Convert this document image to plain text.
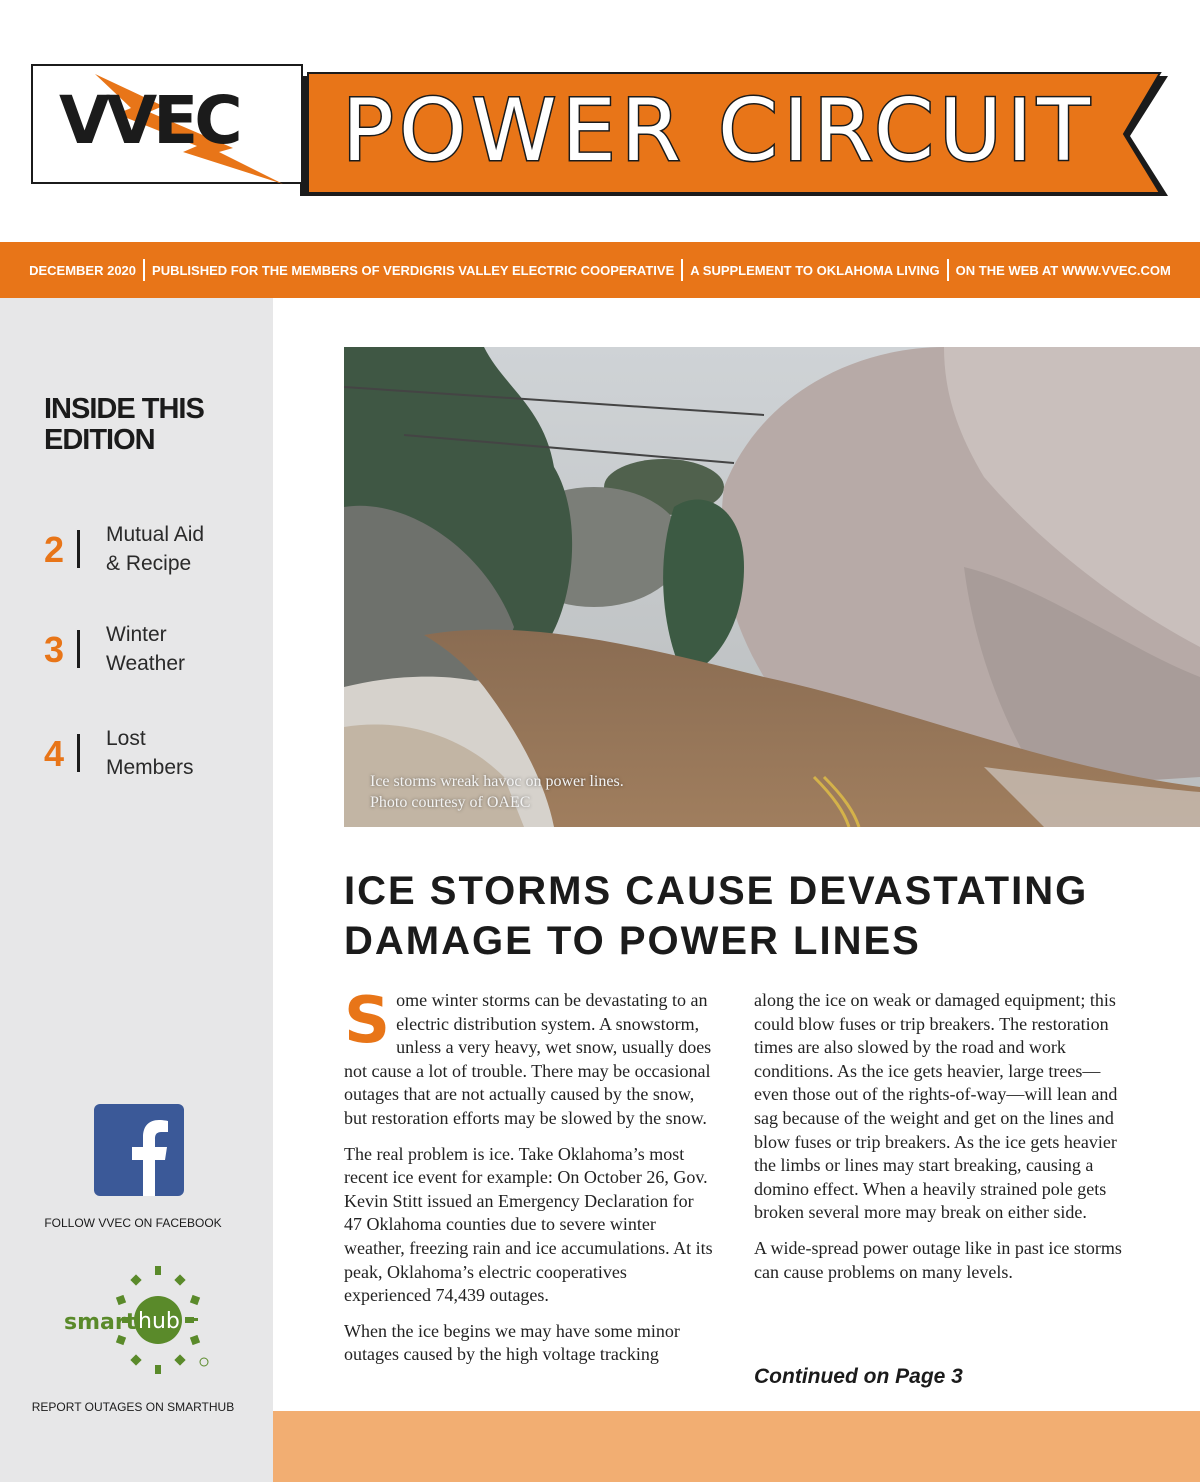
POWER CIRCUIT
VVEC
DECEMBER 2020	PUBLISHED FOR THE MEMBERS OF VERDIGRIS VALLEY ELECTRIC COOPERATIVE	A SUPPLEMENT TO OKLAHOMA LIVING	ON THE WEB AT WWW.VVEC.COM
INSIDE THIS EDITION
2 Mutual Aid
& Recipe
3 Winter
Weather
4 Lost
Members
FOLLOW VVEC ON FACEBOOK
smart hub
REPORT OUTAGES ON SMARTHUB

Ice storms wreak havoc on power lines.
Photo courtesy of OAEC

ICE STORMS CAUSE DEVASTATING DAMAGE TO POWER LINES

Some winter storms can be devastating to an electric distribution system. A snowstorm, unless a very heavy, wet snow, usually does not cause a lot of trouble. There may be occasional outages that are not actually caused by the snow, but restoration efforts may be slowed by the snow.

The real problem is ice. Take Oklahoma’s most recent ice event for example: On October 26, Gov. Kevin Stitt issued an Emergency Declaration for 47 Oklahoma counties due to severe winter weather, freezing rain and ice accumulations. At its peak, Oklahoma’s electric cooperatives experienced 74,439 outages.

When the ice begins we may have some minor outages caused by the high voltage tracking

along the ice on weak or damaged equipment; this could blow fuses or trip breakers. The restoration times are also slowed by the road and work conditions. As the ice gets heavier, large trees—even those out of the rights-of-way—will lean and sag because of the weight and get on the lines and blow fuses or trip breakers. As the ice gets heavier the limbs or lines may start breaking, causing a domino effect. When a heavily strained pole gets broken several more may break on either side.

A wide-spread power outage like in past ice storms can cause problems on many levels.

Continued on Page 3
